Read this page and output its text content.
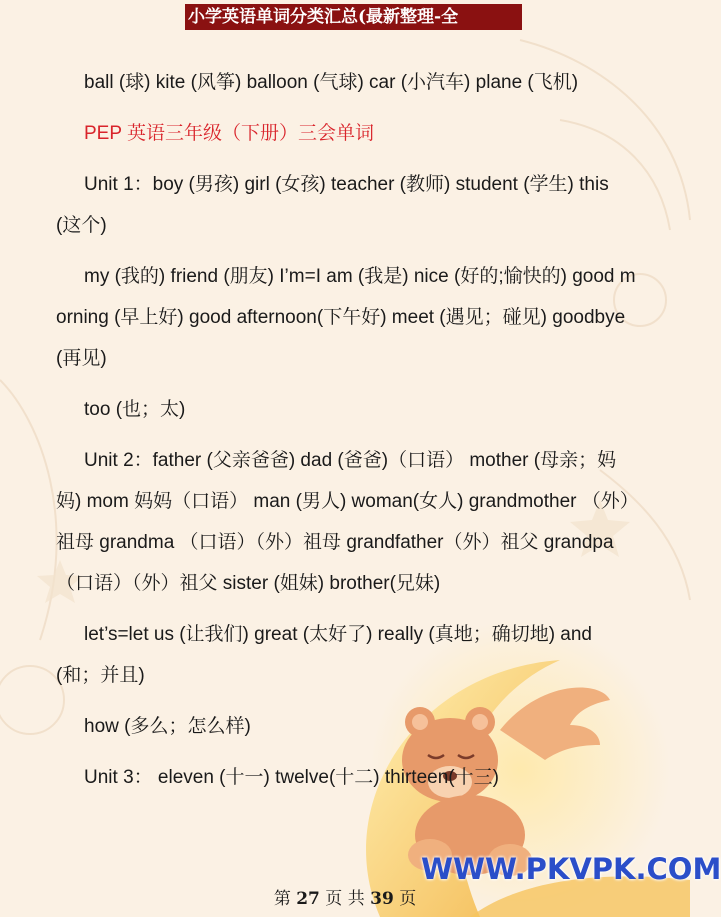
小学英语单词分类汇总(最新整理-全

ball (球) kite (风筝) balloon (气球) car (小汽车) plane (飞机)

PEP 英语三年级（下册）三会单词

Unit 1：boy (男孩) girl (女孩) teacher (教师) student (学生) this (这个)

my (我的) friend (朋友) I’m=I am (我是) nice (好的;愉快的) good morning (早上好) good afternoon(下午好) meet (遇见；碰见) goodbye (再见)

too (也；太)

Unit 2：father (父亲爸爸) dad (爸爸)（口语） mother (母亲；妈妈) mom 妈妈（口语） man (男人) woman(女人) grandmother （外）祖母 grandma （口语）（外）祖母 grandfather（外）祖父 grandpa （口语）（外）祖父 sister (姐妹) brother(兄妹)

let’s=let us (让我们) great (太好了) really (真地；确切地) and (和；并且)

how (多么；怎么样)

Unit 3： eleven (十一) twelve(十二) thirteen(十三)

第 27 页 共 39 页
WWW.PKVPK.COM
